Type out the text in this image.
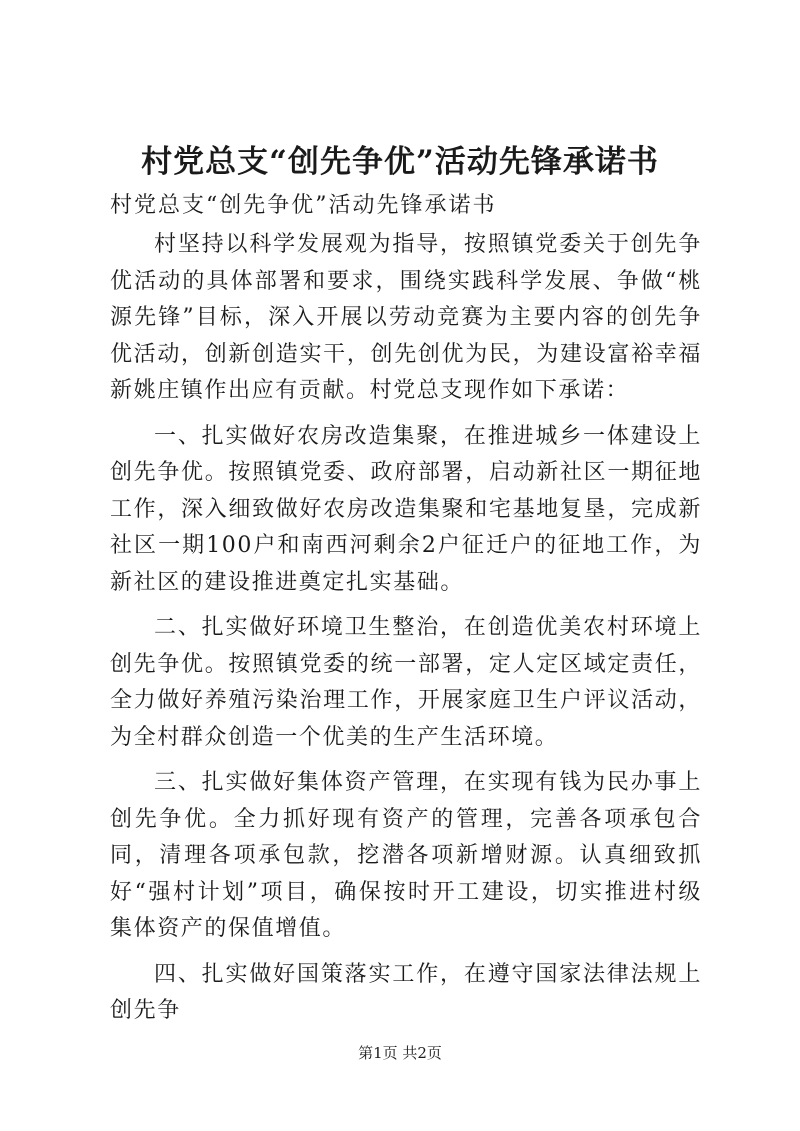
村党总支“创先争优”活动先锋承诺书

村党总支“创先争优”活动先锋承诺书

村坚持以科学发展观为指导，按照镇党委关于创先争优活动的具体部署和要求，围绕实践科学发展、争做“桃源先锋”目标，深入开展以劳动竞赛为主要内容的创先争优活动，创新创造实干，创先创优为民，为建设富裕幸福新姚庄镇作出应有贡献。村党总支现作如下承诺：

一、扎实做好农房改造集聚，在推进城乡一体建设上创先争优。按照镇党委、政府部署，启动新社区一期征地工作，深入细致做好农房改造集聚和宅基地复垦，完成新社区一期100户和南西河剩余2户征迁户的征地工作，为新社区的建设推进奠定扎实基础。

二、扎实做好环境卫生整治，在创造优美农村环境上创先争优。按照镇党委的统一部署，定人定区域定责任，全力做好养殖污染治理工作，开展家庭卫生户评议活动，为全村群众创造一个优美的生产生活环境。

三、扎实做好集体资产管理，在实现有钱为民办事上创先争优。全力抓好现有资产的管理，完善各项承包合同，清理各项承包款，挖潜各项新增财源。认真细致抓好“强村计划”项目，确保按时开工建设，切实推进村级集体资产的保值增值。

四、扎实做好国策落实工作，在遵守国家法律法规上创先争

第1页 共2页
